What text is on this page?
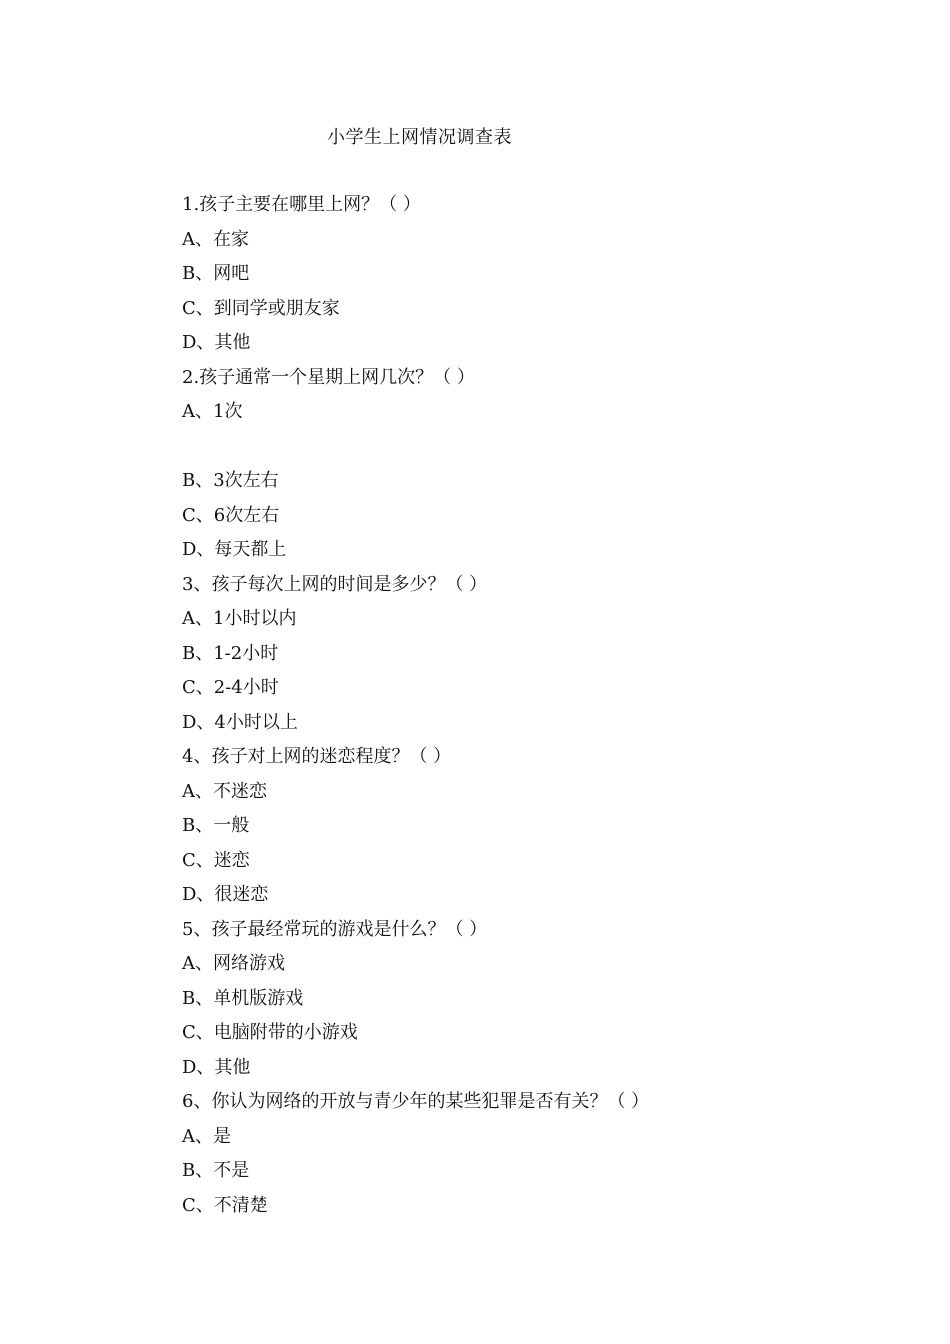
小学生上网情况调查表
1.孩子主要在哪里上网？（ ）
A、在家
B、网吧
C、到同学或朋友家
D、其他
2.孩子通常一个星期上网几次？（ ）
A、1次
B、3次左右
C、6次左右
D、每天都上
3、孩子每次上网的时间是多少？（ ）
A、1小时以内
B、1-2小时
C、2-4小时
D、4小时以上
4、孩子对上网的迷恋程度？（ ）
A、不迷恋
B、一般
C、迷恋
D、很迷恋
5、孩子最经常玩的游戏是什么？（ ）
A、网络游戏
B、单机版游戏
C、电脑附带的小游戏
D、其他
6、你认为网络的开放与青少年的某些犯罪是否有关？（ ）
A、是
B、不是
C、不清楚
